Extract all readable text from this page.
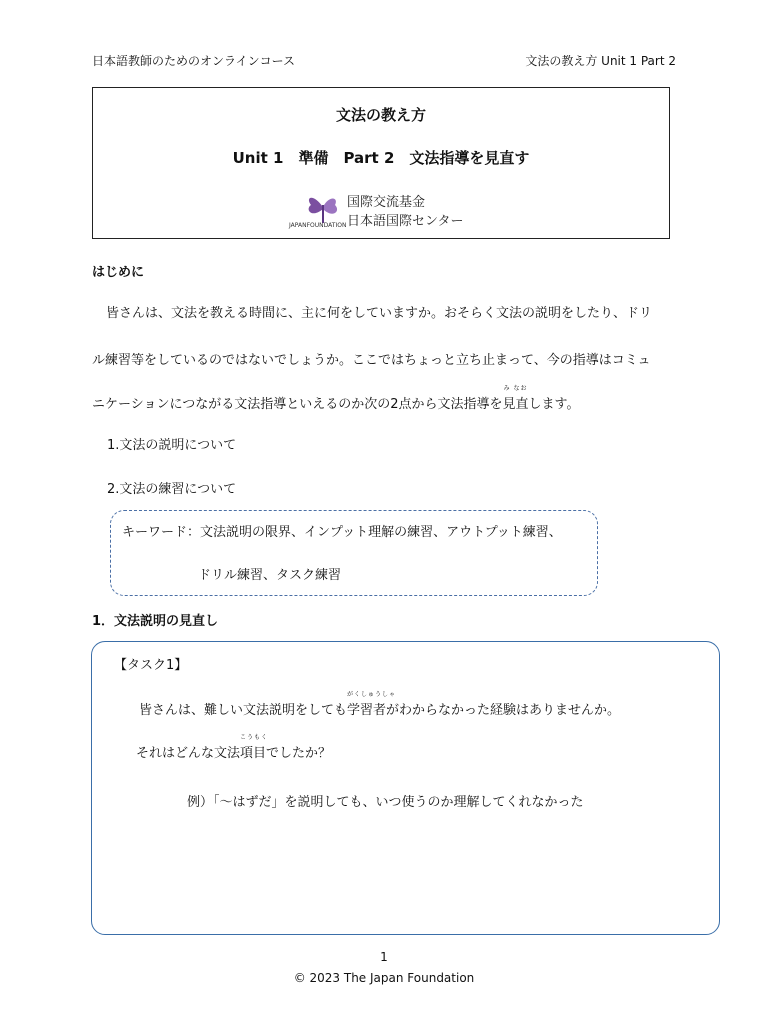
日本語教師のためのオンラインコース	文法の教え方 Unit 1 Part 2
文法の教え方
Unit 1　準備　Part 2　文法指導を見直す
JAPANFOUNDATION
国際交流基金
日本語国際センター
はじめに
皆さんは、文法を教える時間に、主に何をしていますか。おそらく文法の説明をしたり、ドリ
ル練習等をしているのではないでしょうか。ここではちょっと立ち止まって、今の指導はコミュ
ニケーションにつながる文法指導といえるのか次の2点から文法指導を
み なお
見直します。
1.文法の説明について
2.文法の練習について
キーワード：文法説明の限界、インプット理解の練習、アウトプット練習、
ドリル練習、タスク練習
1．文法説明の見直し
【タスク1】
皆さんは、難しい文法説明をしても
がくしゅうしゃ
学習者がわからなかった経験はありませんか。
それはどんな文法
こうもく
項目でしたか？
例）「～はずだ」を説明しても、いつ使うのか理解してくれなかった
1
© 2023 The Japan Foundation
